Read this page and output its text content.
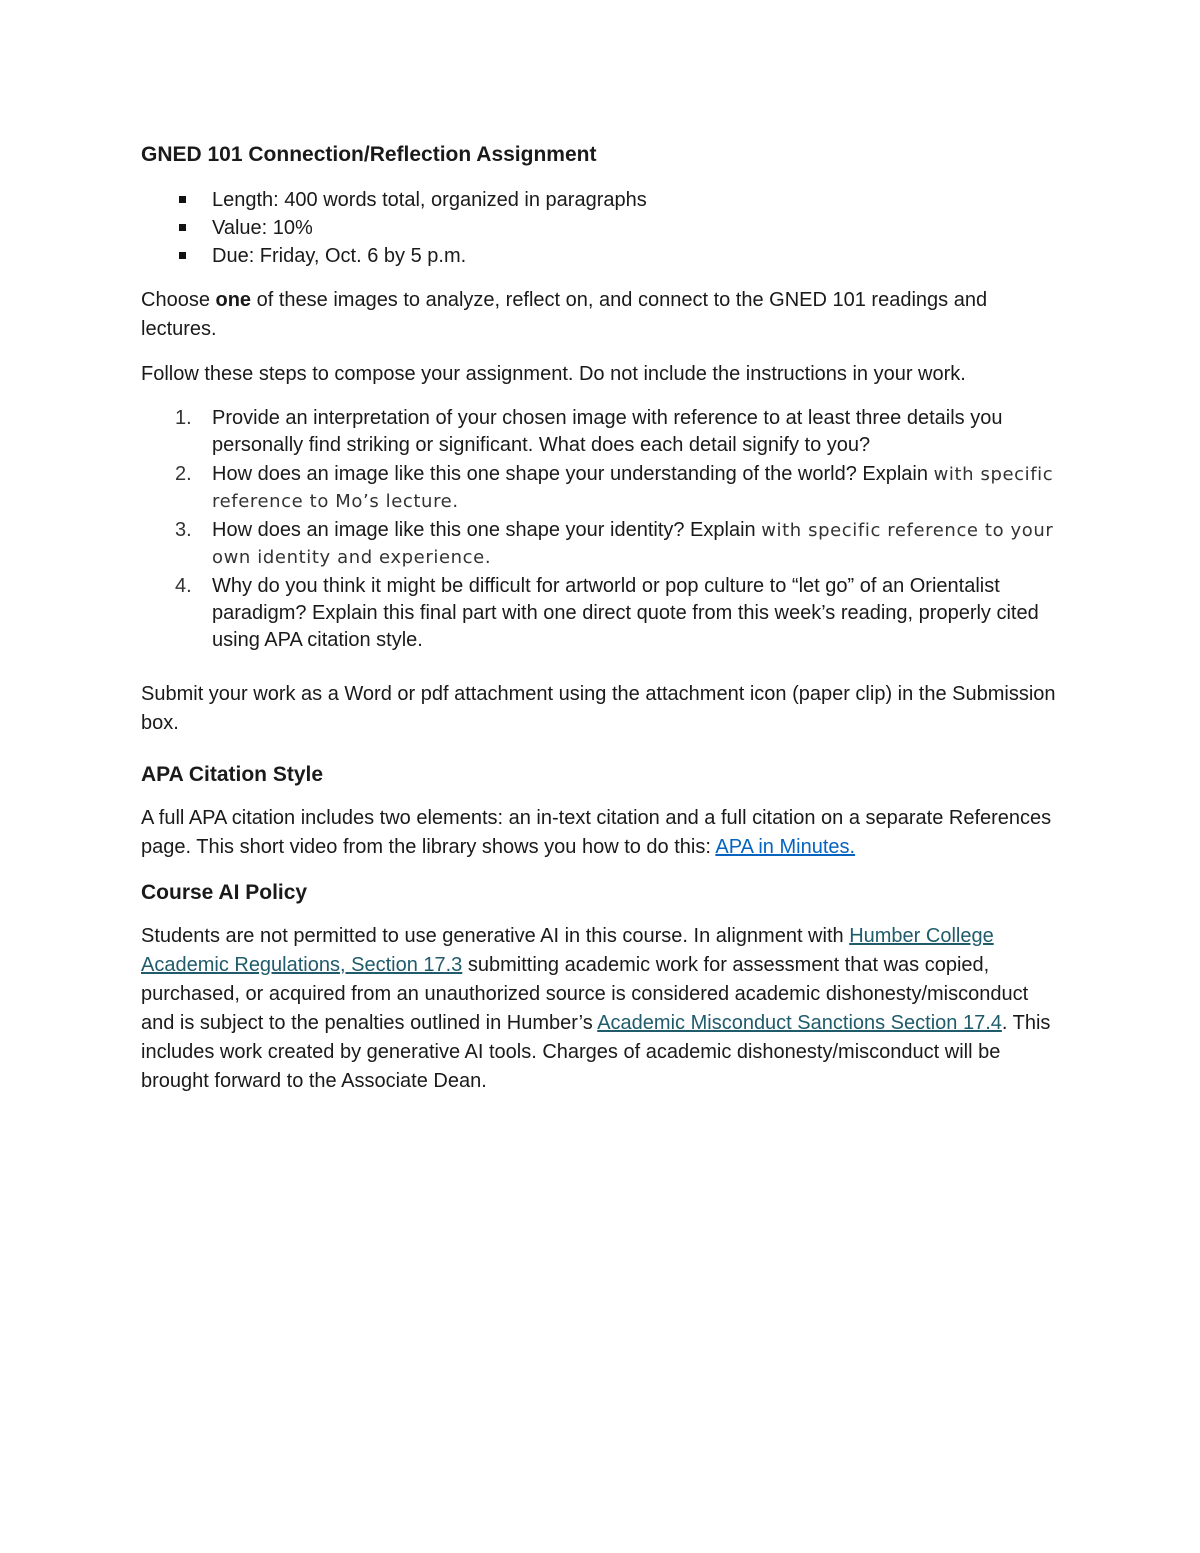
GNED 101 Connection/Reflection Assignment
Length: 400 words total, organized in paragraphs
Value: 10%
Due: Friday, Oct. 6 by 5 p.m.

Choose one of these images to analyze, reflect on, and connect to the GNED 101 readings and lectures.

Follow these steps to compose your assignment. Do not include the instructions in your work.

1. Provide an interpretation of your chosen image with reference to at least three details you personally find striking or significant. What does each detail signify to you?
2. How does an image like this one shape your understanding of the world? Explain with specific reference to Mo’s lecture.
3. How does an image like this one shape your identity? Explain with specific reference to your own identity and experience.
4. Why do you think it might be difficult for artworld or pop culture to “let go” of an Orientalist paradigm? Explain this final part with one direct quote from this week’s reading, properly cited using APA citation style.

Submit your work as a Word or pdf attachment using the attachment icon (paper clip) in the Submission box.

APA Citation Style

A full APA citation includes two elements: an in-text citation and a full citation on a separate References page. This short video from the library shows you how to do this: APA in Minutes.

Course AI Policy

Students are not permitted to use generative AI in this course. In alignment with Humber College Academic Regulations, Section 17.3 submitting academic work for assessment that was copied, purchased, or acquired from an unauthorized source is considered academic dishonesty/misconduct and is subject to the penalties outlined in Humber’s Academic Misconduct Sanctions Section 17.4. This includes work created by generative AI tools. Charges of academic dishonesty/misconduct will be brought forward to the Associate Dean.
